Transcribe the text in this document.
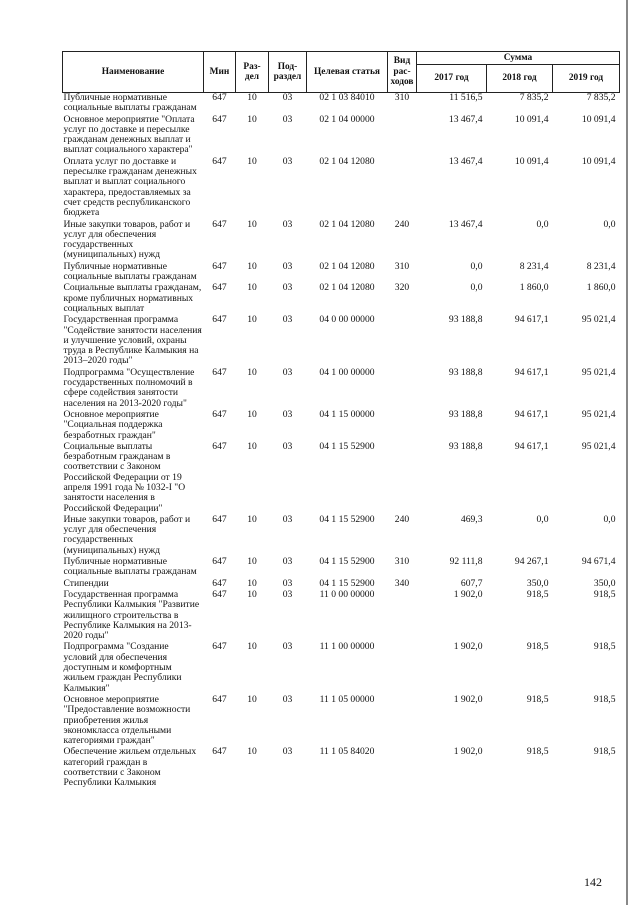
Наименование	Мин	Раз- дел	Под- раздел	Целевая статья	Вид рас- ходов	Сумма		
						2017 год	2018 год	2019 год
Публичные нормативные социальные выплаты гражданам	647	10	03	02 1 03 84010	310	11 516,5	7 835,2	7 835,2
Основное мероприятие "Оплата услуг по доставке и пересылке гражданам денежных выплат и выплат социального характера"	647	10	03	02 1 04 00000		13 467,4	10 091,4	10 091,4
Оплата услуг по доставке и пересылке гражданам денежных выплат и выплат социального характера, предоставляемых за счет средств республиканского бюджета	647	10	03	02 1 04 12080		13 467,4	10 091,4	10 091,4
Иные закупки товаров, работ и услуг для обеспечения государственных (муниципальных) нужд	647	10	03	02 1 04 12080	240	13 467,4	0,0	0,0
Публичные нормативные социальные выплаты гражданам	647	10	03	02 1 04 12080	310	0,0	8 231,4	8 231,4
Социальные выплаты гражданам, кроме публичных нормативных социальных выплат	647	10	03	02 1 04 12080	320	0,0	1 860,0	1 860,0
Государственная программа "Содействие занятости населения и улучшение условий, охраны труда в Республике Калмыкия на 2013–2020 годы"	647	10	03	04 0 00 00000		93 188,8	94 617,1	95 021,4
Подпрограмма "Осуществление государственных полномочий в сфере содействия занятости населения на 2013-2020 годы"	647	10	03	04 1 00 00000		93 188,8	94 617,1	95 021,4
Основное мероприятие "Социальная поддержка безработных граждан"	647	10	03	04 1 15 00000		93 188,8	94 617,1	95 021,4
Социальные выплаты безработным гражданам в соответствии с Законом Российской Федерации от 19 апреля 1991 года № 1032-I "О занятости населения в Российской Федерации"	647	10	03	04 1 15 52900		93 188,8	94 617,1	95 021,4
Иные закупки товаров, работ и услуг для обеспечения государственных (муниципальных) нужд	647	10	03	04 1 15 52900	240	469,3	0,0	0,0
Публичные нормативные социальные выплаты гражданам	647	10	03	04 1 15 52900	310	92 111,8	94 267,1	94 671,4
Стипендии	647	10	03	04 1 15 52900	340	607,7	350,0	350,0
Государственная программа Республики Калмыкия "Развитие жилищного строительства в Республике Калмыкия на 2013-2020 годы"	647	10	03	11 0 00 00000		1 902,0	918,5	918,5
Подпрограмма "Создание условий для обеспечения доступным и комфортным жильем граждан Республики Калмыкия"	647	10	03	11 1 00 00000		1 902,0	918,5	918,5
Основное мероприятие "Предоставление возможности приобретения жилья экономкласса отдельными категориями граждан"	647	10	03	11 1 05 00000		1 902,0	918,5	918,5
Обеспечение жильем отдельных категорий граждан в соответствии с Законом Республики Калмыкия	647	10	03	11 1 05 84020		1 902,0	918,5	918,5
142
